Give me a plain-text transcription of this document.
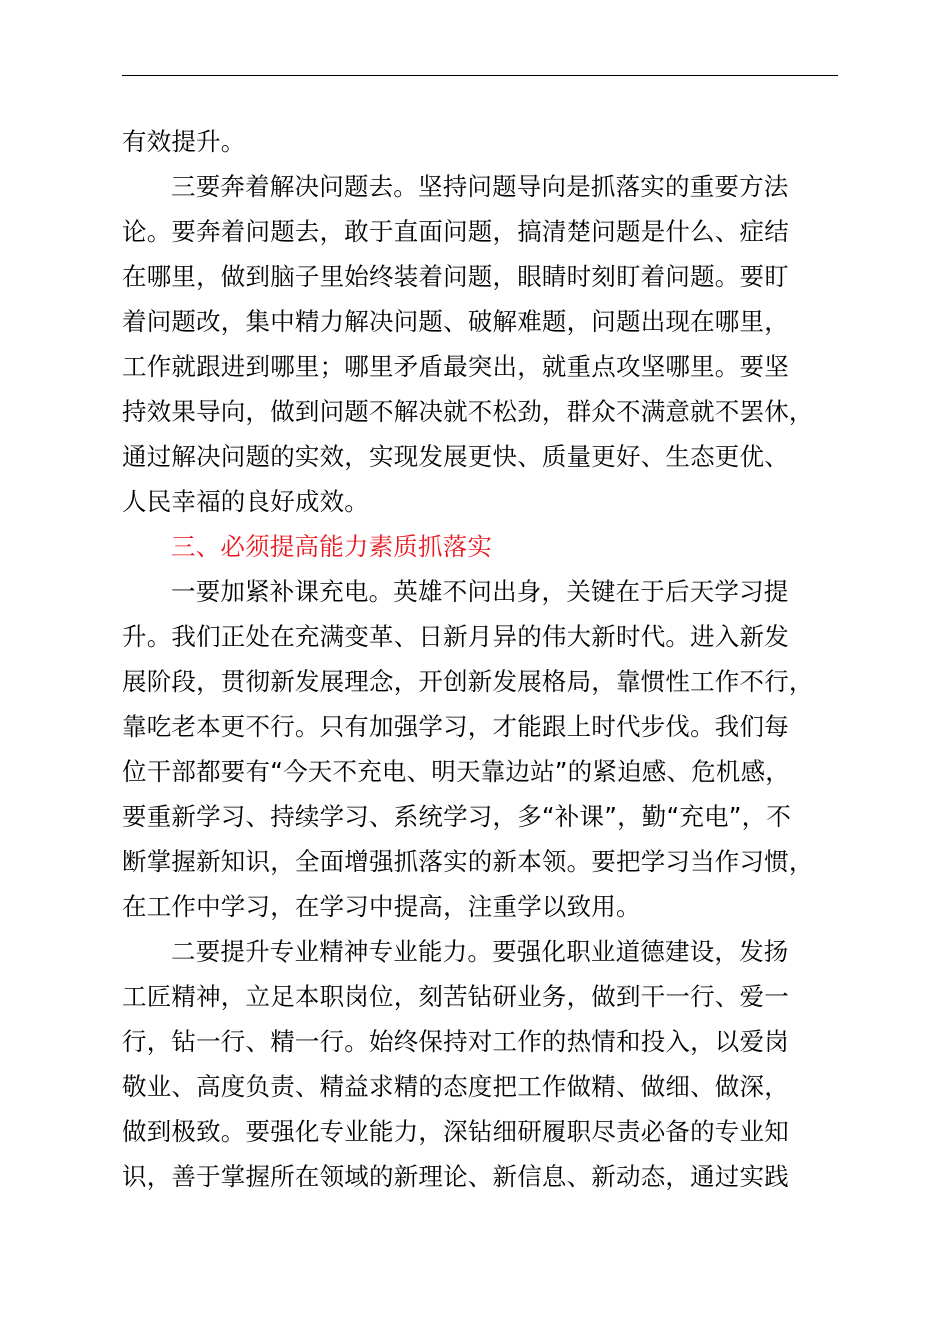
有效提升。
三要奔着解决问题去。坚持问题导向是抓落实的重要方法
论。要奔着问题去，敢于直面问题，搞清楚问题是什么、症结
在哪里，做到脑子里始终装着问题，眼睛时刻盯着问题。要盯
着问题改，集中精力解决问题、破解难题，问题出现在哪里，
工作就跟进到哪里；哪里矛盾最突出，就重点攻坚哪里。要坚
持效果导向，做到问题不解决就不松劲，群众不满意就不罢休，
通过解决问题的实效，实现发展更快、质量更好、生态更优、
人民幸福的良好成效。
三、必须提高能力素质抓落实
一要加紧补课充电。英雄不问出身，关键在于后天学习提
升。我们正处在充满变革、日新月异的伟大新时代。进入新发
展阶段，贯彻新发展理念，开创新发展格局，靠惯性工作不行，
靠吃老本更不行。只有加强学习，才能跟上时代步伐。我们每
位干部都要有“今天不充电、明天靠边站”的紧迫感、危机感，
要重新学习、持续学习、系统学习，多“补课”，勤“充电”，不
断掌握新知识，全面增强抓落实的新本领。要把学习当作习惯，
在工作中学习，在学习中提高，注重学以致用。
二要提升专业精神专业能力。要强化职业道德建设，发扬
工匠精神，立足本职岗位，刻苦钻研业务，做到干一行、爱一
行，钻一行、精一行。始终保持对工作的热情和投入，以爱岗
敬业、高度负责、精益求精的态度把工作做精、做细、做深，
做到极致。要强化专业能力，深钻细研履职尽责必备的专业知
识，善于掌握所在领域的新理论、新信息、新动态，通过实践
